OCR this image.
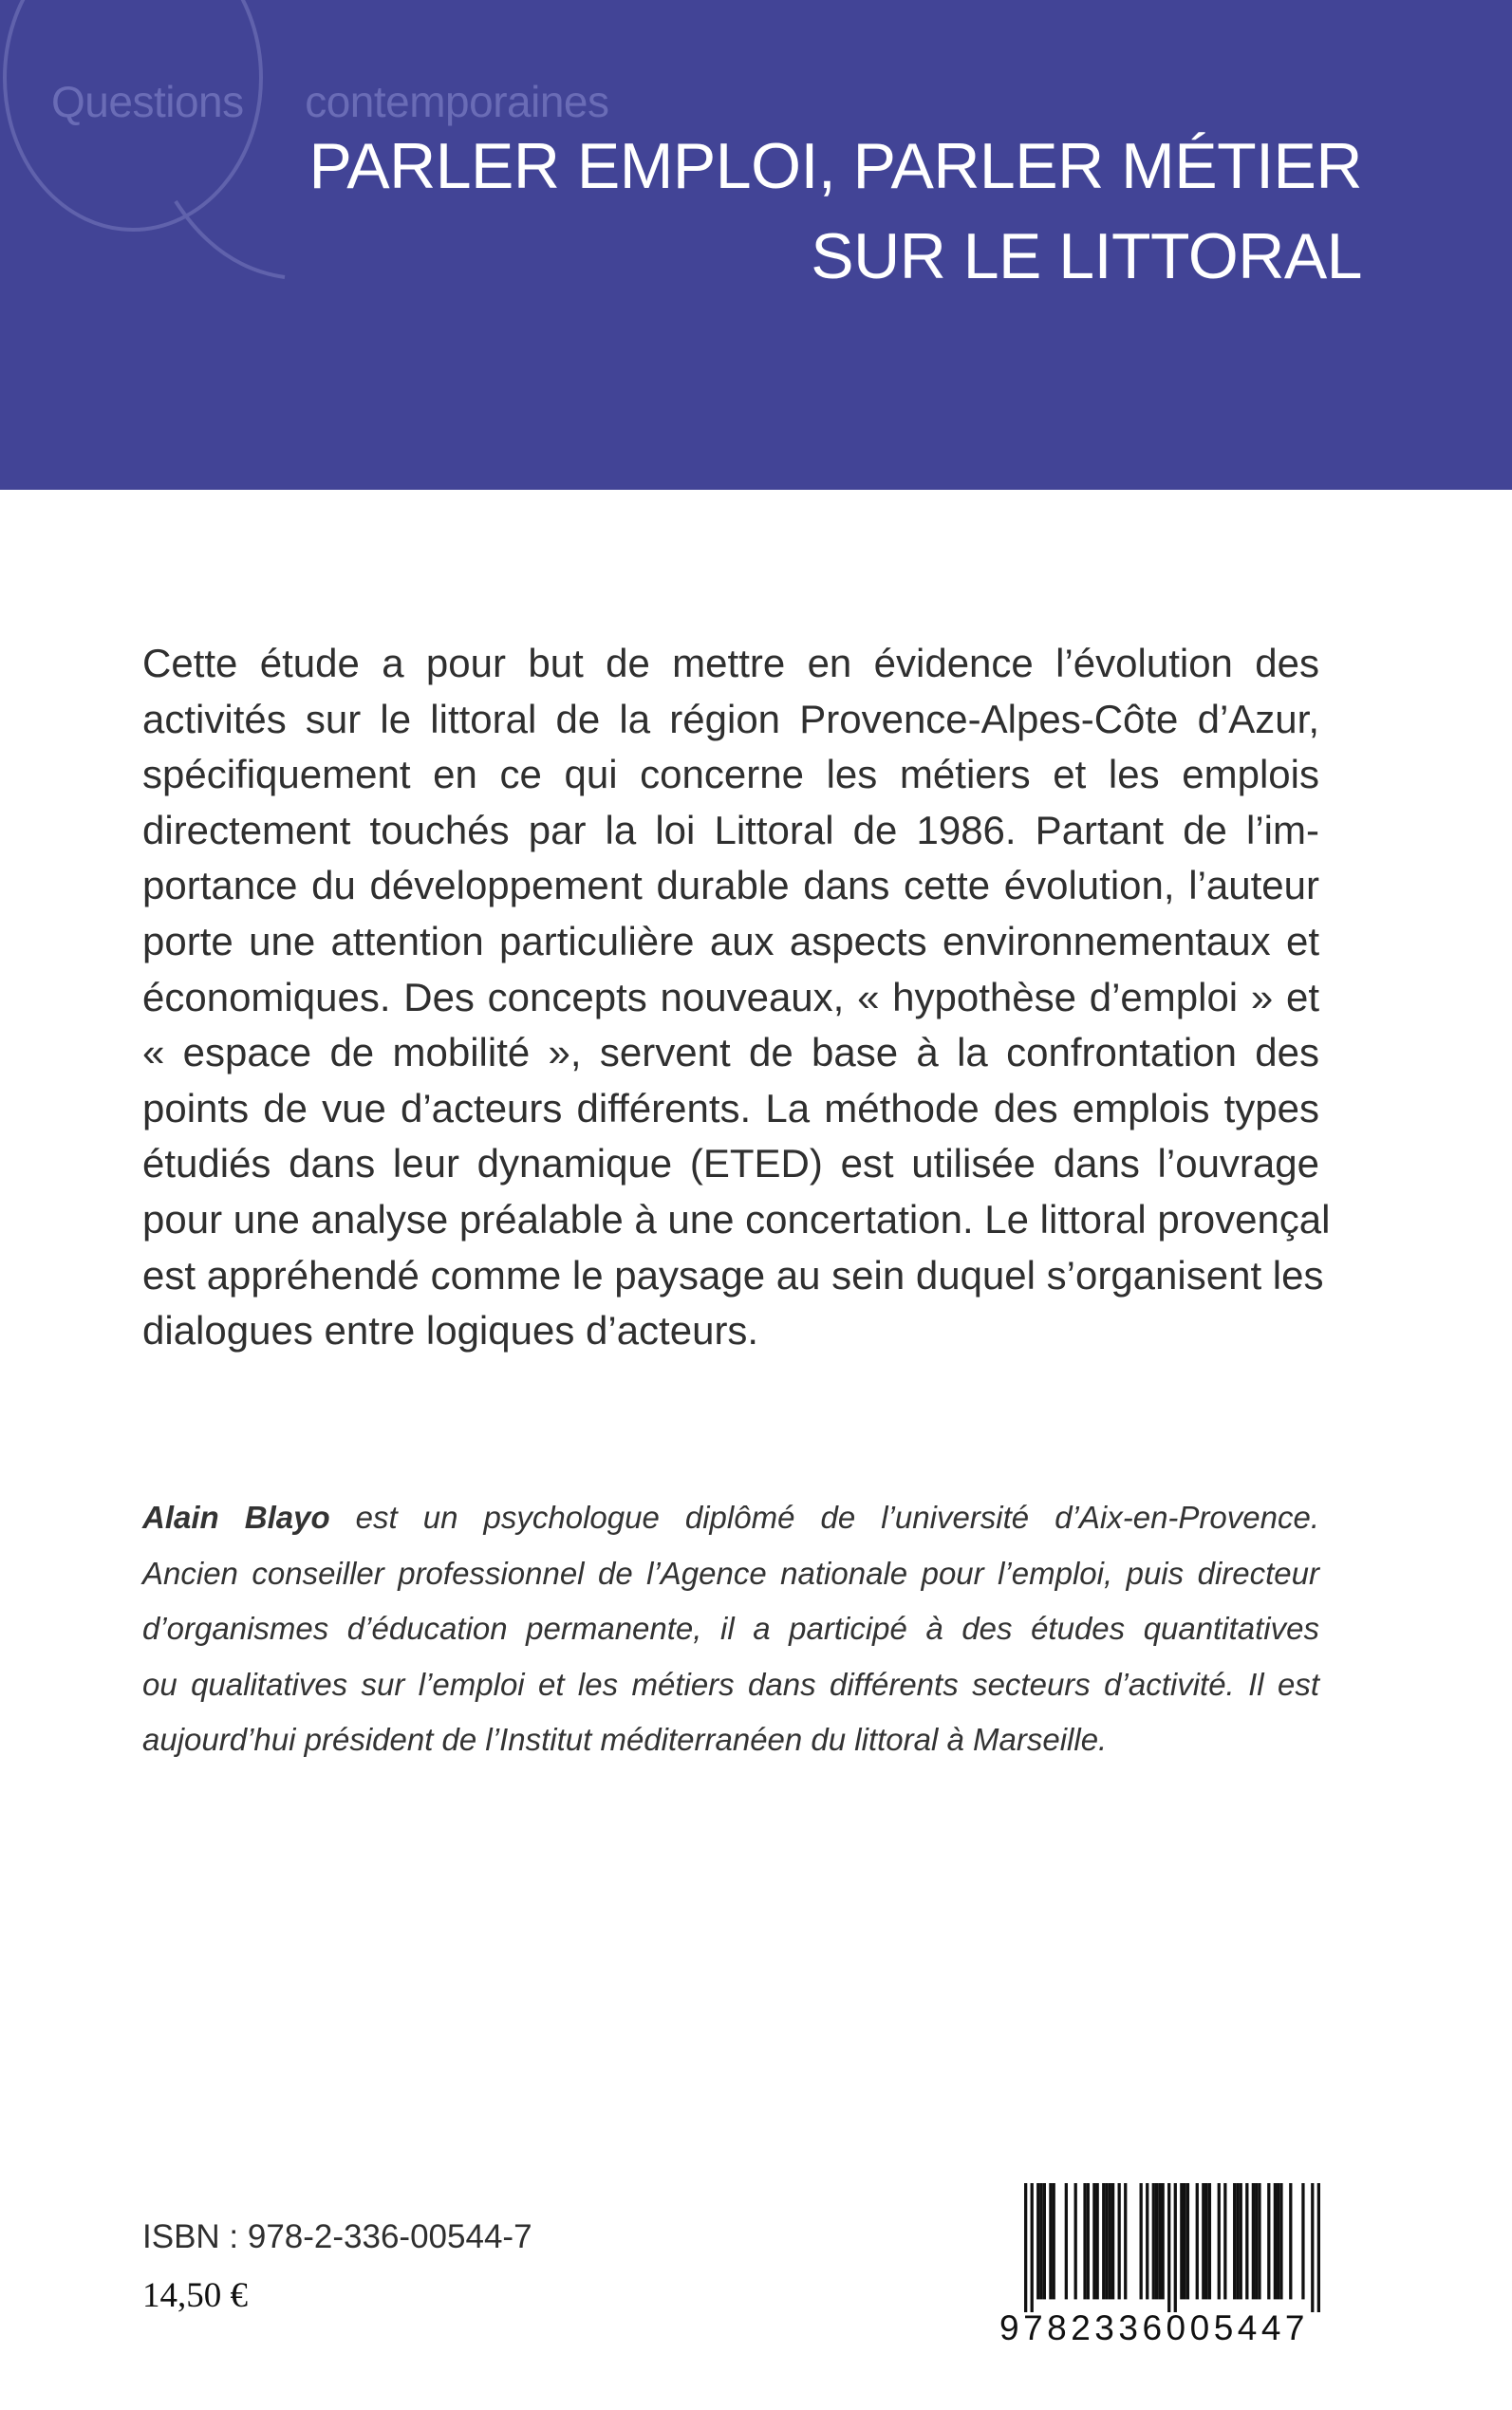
Questions contemporaines
PARLER EMPLOI, PARLER MÉTIER
SUR LE LITTORAL
Cette étude a pour but de mettre en évidence l’évolution des
activités sur le littoral de la région Provence-Alpes-Côte d’Azur,
spécifiquement en ce qui concerne les métiers et les emplois
directement touchés par la loi Littoral de 1986. Partant de l’im-
portance du développement durable dans cette évolution, l’auteur
porte une attention particulière aux aspects environnementaux et
économiques. Des concepts nouveaux, « hypothèse d’emploi » et
« espace de mobilité », servent de base à la confrontation des
points de vue d’acteurs différents. La méthode des emplois types
étudiés dans leur dynamique (ETED) est utilisée dans l’ouvrage
pour une analyse préalable à une concertation. Le littoral provençal
est appréhendé comme le paysage au sein duquel s’organisent les
dialogues entre logiques d’acteurs.
Alain Blayo est un psychologue diplômé de l’université d’Aix-en-Provence.
Ancien conseiller professionnel de l’Agence nationale pour l’emploi, puis directeur
d’organismes d’éducation permanente, il a participé à des études quantitatives
ou qualitatives sur l’emploi et les métiers dans différents secteurs d’activité. Il est
aujourd’hui président de l’Institut méditerranéen du littoral à Marseille.
ISBN : 978-2-336-00544-7
14,50 €
9782336005447
